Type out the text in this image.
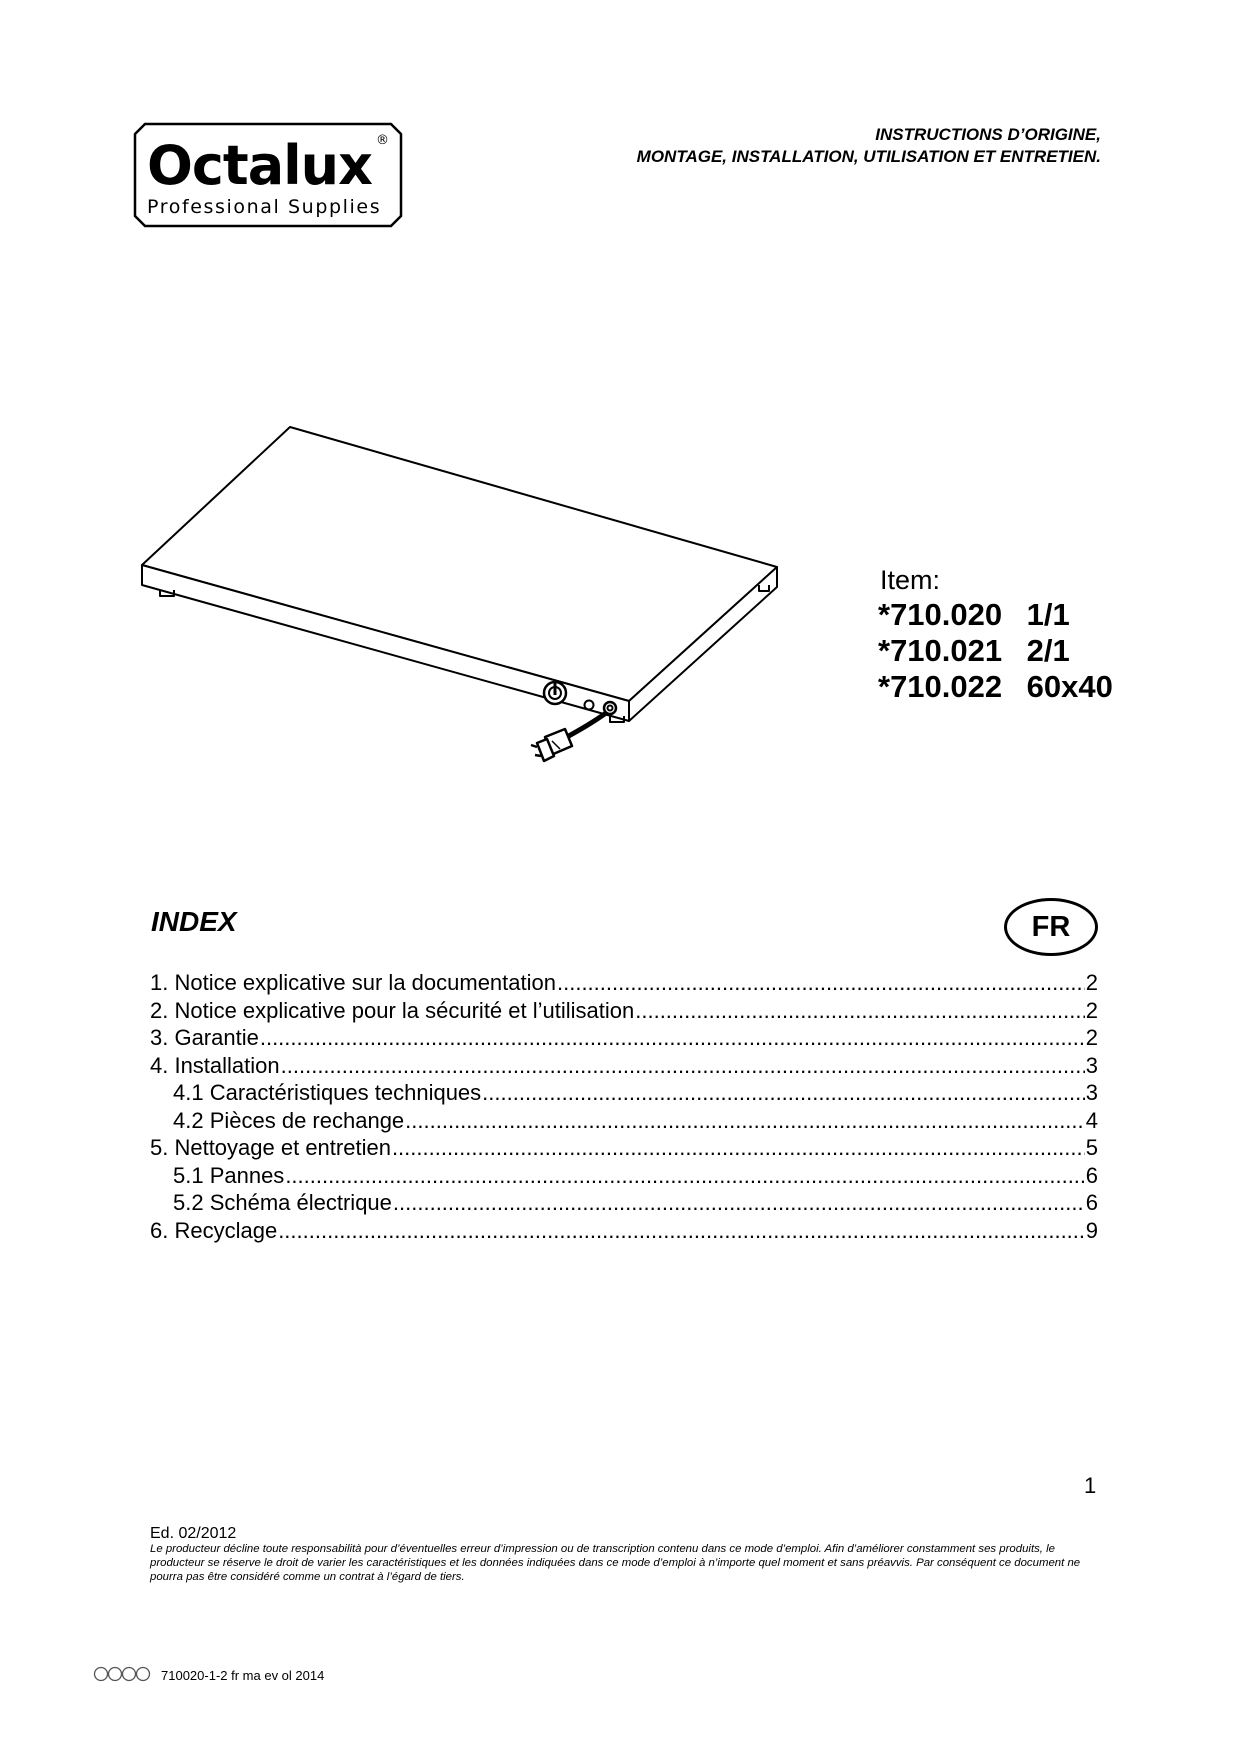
Octalux ®
Professional Supplies
INSTRUCTIONS D’ORIGINE,
MONTAGE, INSTALLATION, UTILISATION ET ENTRETIEN.
Item:
*710.020 1/1
*710.021 2/1
*710.022 60x40
INDEX	FR
1. Notice explicative sur la documentation .....	2
2. Notice explicative pour la sécurité et l’utilisation .....	2
3. Garantie .....	2
4. Installation .....	3
4.1 Caractéristiques techniques .....	3
4.2 Pièces de rechange .....	4
5. Nettoyage et entretien .....	5
5.1 Pannes .....	6
5.2 Schéma électrique .....	6
6. Recyclage .....	9
1
Ed. 02/2012
Le producteur décline toute responsabilità pour d’éventuelles erreur d’impression ou de transcription contenu dans ce mode d’emploi. Afin d’améliorer constamment ses produits, le producteur se réserve le droit de varier les caractéristiques et les données indiquées dans ce mode d’emploi à n’importe quel moment et sans préavvis. Par conséquent ce document ne pourra pas être considéré comme un contrat à l’égard de tiers.
710020-1-2 fr ma ev ol 2014
